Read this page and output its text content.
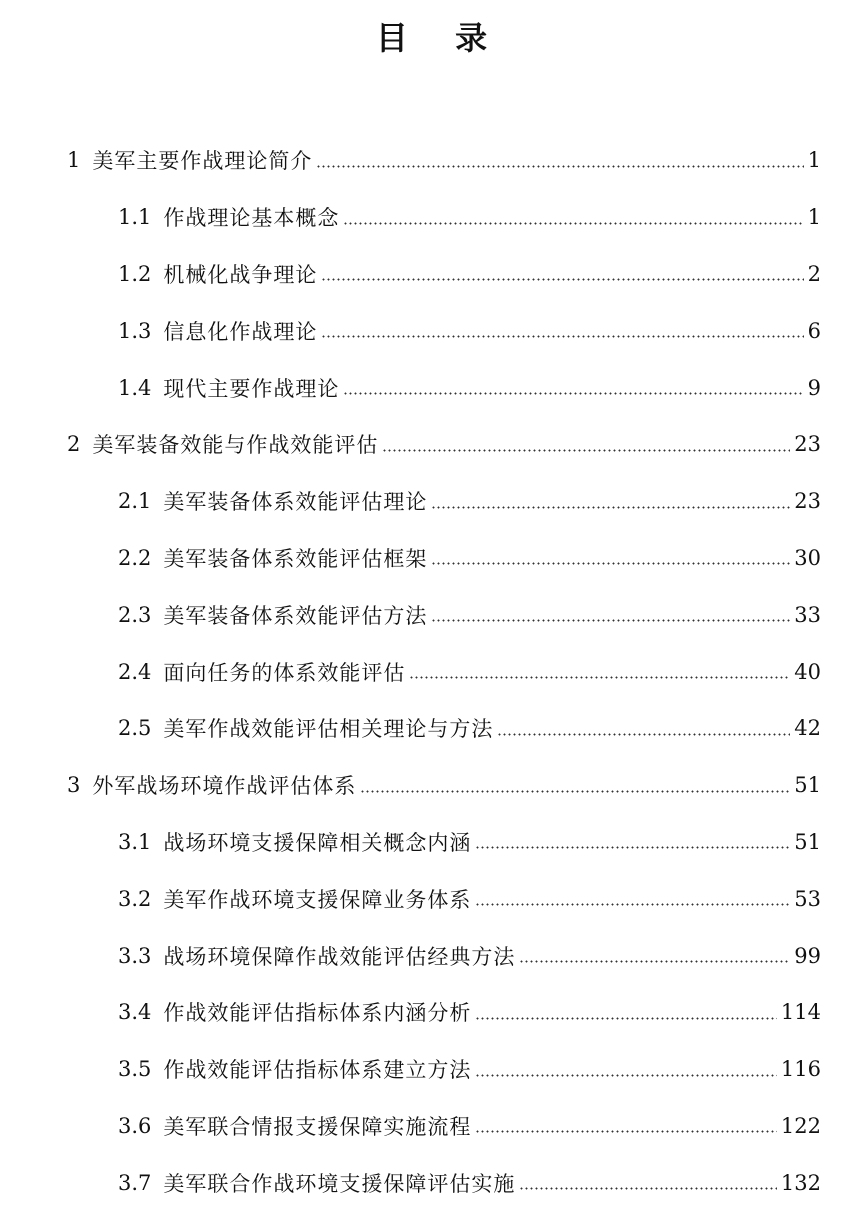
目 录
1 美军主要作战理论简介	1
1.1 作战理论基本概念	1
1.2 机械化战争理论	2
1.3 信息化作战理论	6
1.4 现代主要作战理论	9
2 美军装备效能与作战效能评估	23
2.1 美军装备体系效能评估理论	23
2.2 美军装备体系效能评估框架	30
2.3 美军装备体系效能评估方法	33
2.4 面向任务的体系效能评估	40
2.5 美军作战效能评估相关理论与方法	42
3 外军战场环境作战评估体系	51
3.1 战场环境支援保障相关概念内涵	51
3.2 美军作战环境支援保障业务体系	53
3.3 战场环境保障作战效能评估经典方法	99
3.4 作战效能评估指标体系内涵分析	114
3.5 作战效能评估指标体系建立方法	116
3.6 美军联合情报支援保障实施流程	122
3.7 美军联合作战环境支援保障评估实施	132
